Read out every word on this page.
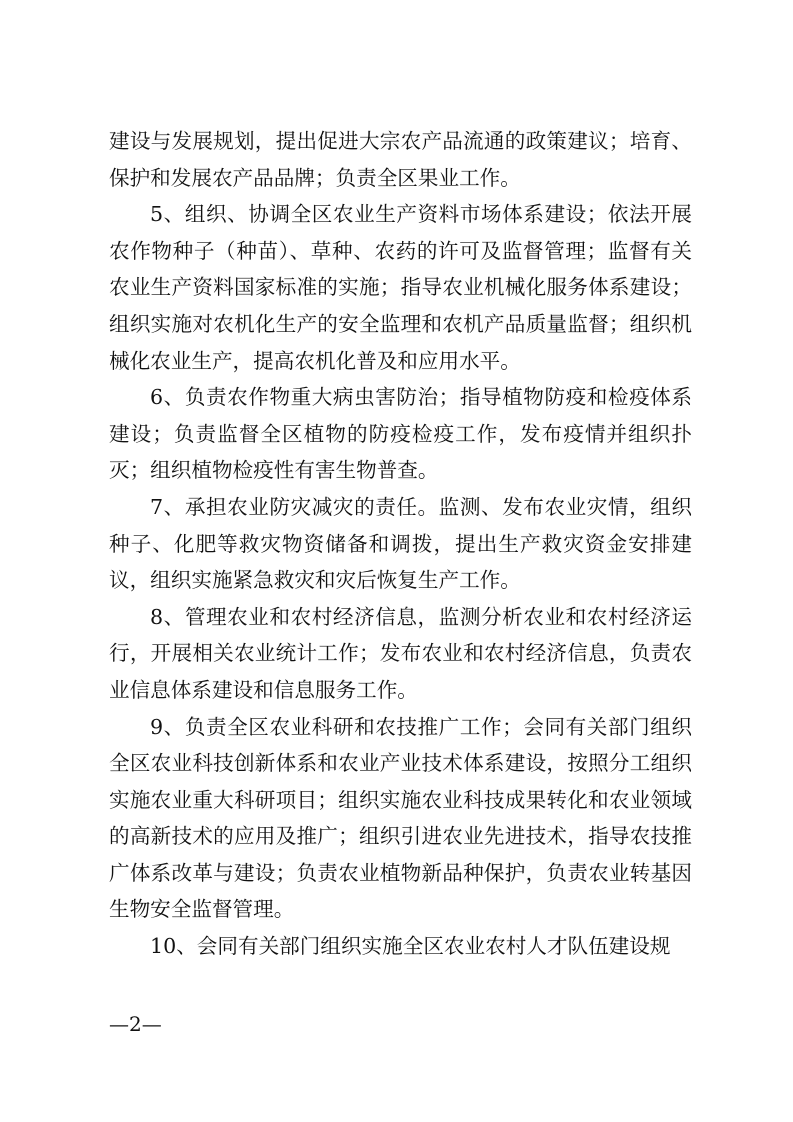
建设与发展规划，提出促进大宗农产品流通的政策建议；培育、保护和发展农产品品牌；负责全区果业工作。

5、组织、协调全区农业生产资料市场体系建设；依法开展农作物种子（种苗）、草种、农药的许可及监督管理；监督有关农业生产资料国家标准的实施；指导农业机械化服务体系建设；组织实施对农机化生产的安全监理和农机产品质量监督；组织机械化农业生产，提高农机化普及和应用水平。

6、负责农作物重大病虫害防治；指导植物防疫和检疫体系建设；负责监督全区植物的防疫检疫工作，发布疫情并组织扑灭；组织植物检疫性有害生物普查。

7、承担农业防灾减灾的责任。监测、发布农业灾情，组织种子、化肥等救灾物资储备和调拨，提出生产救灾资金安排建议，组织实施紧急救灾和灾后恢复生产工作。

8、管理农业和农村经济信息，监测分析农业和农村经济运行，开展相关农业统计工作；发布农业和农村经济信息，负责农业信息体系建设和信息服务工作。

9、负责全区农业科研和农技推广工作；会同有关部门组织全区农业科技创新体系和农业产业技术体系建设，按照分工组织实施农业重大科研项目；组织实施农业科技成果转化和农业领域的高新技术的应用及推广；组织引进农业先进技术，指导农技推广体系改革与建设；负责农业植物新品种保护，负责农业转基因生物安全监督管理。

10、会同有关部门组织实施全区农业农村人才队伍建设规

—2—
